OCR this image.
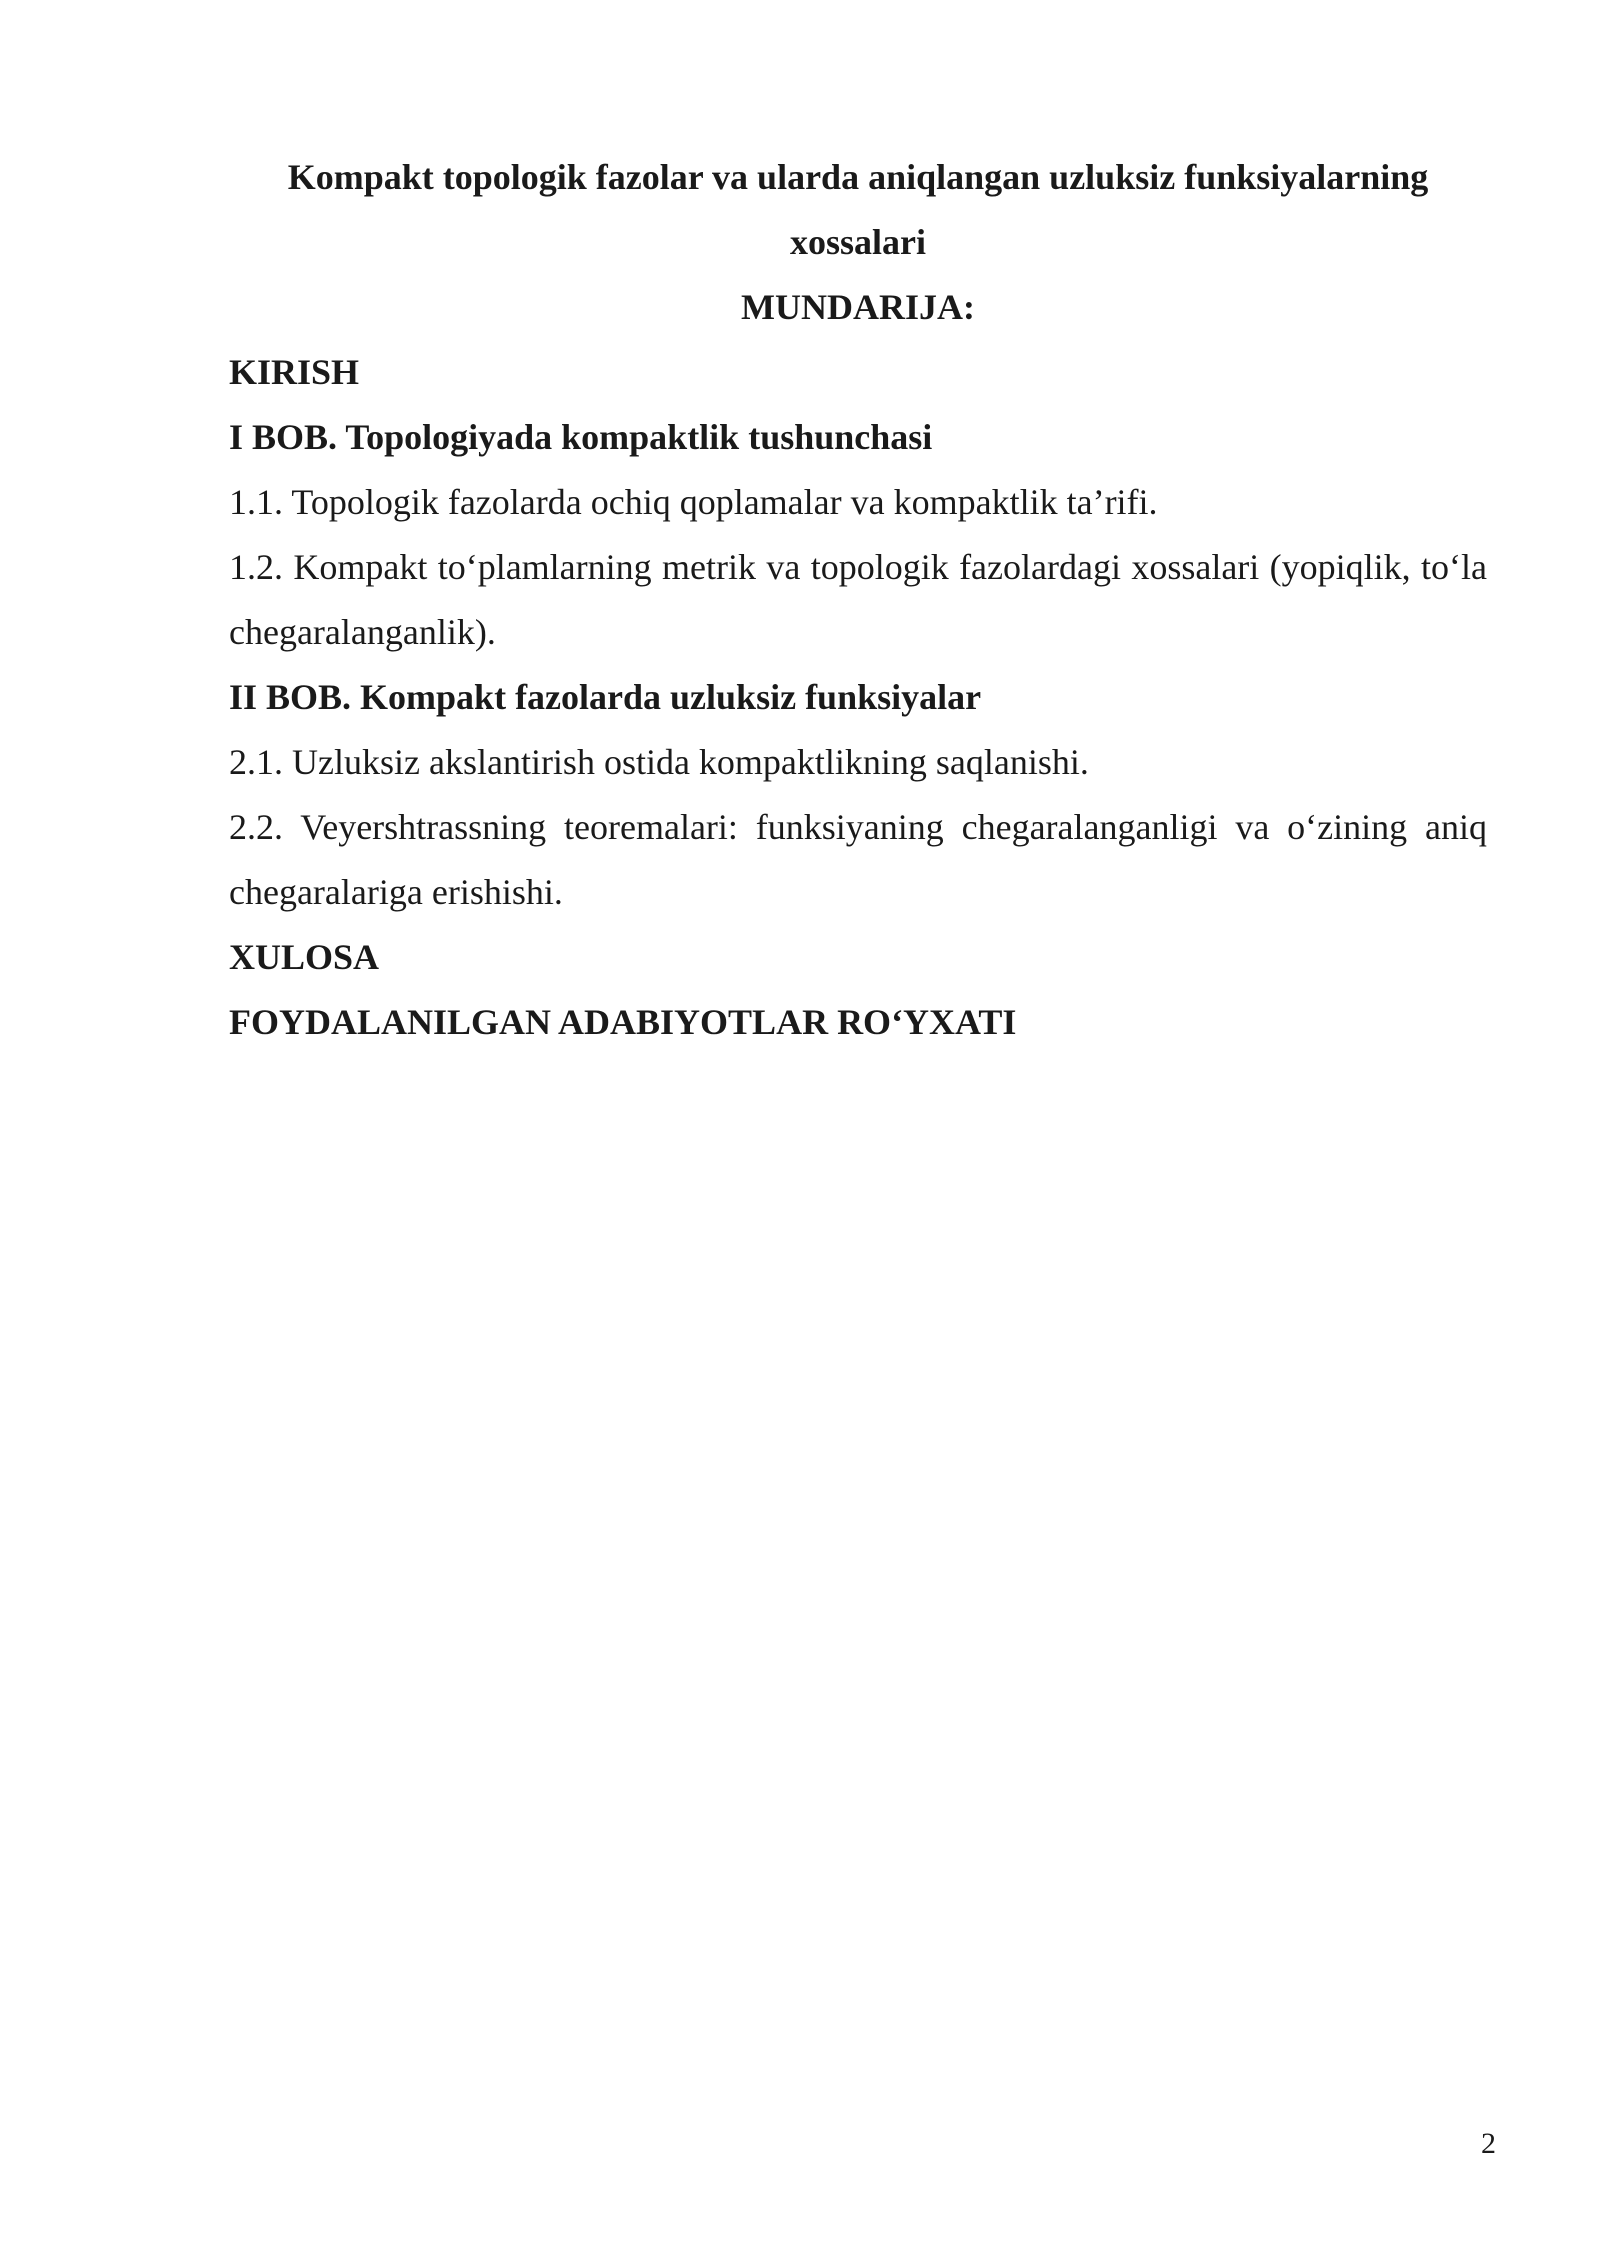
Kompakt topologik fazolar va ularda aniqlangan uzluksiz funksiyalarning xossalari

MUNDARIJA:

KIRISH

I BOB. Topologiyada kompaktlik tushunchasi

1.1. Topologik fazolarda ochiq qoplamalar va kompaktlik ta’rifi.

1.2. Kompakt to‘plamlarning metrik va topologik fazolardagi xossalari (yopiqlik, to‘la chegaralanganlik).

II BOB. Kompakt fazolarda uzluksiz funksiyalar

2.1. Uzluksiz akslantirish ostida kompaktlikning saqlanishi.

2.2. Veyershtrassning teoremalari: funksiyaning chegaralanganligi va o‘zining aniq chegaralariga erishishi.

XULOSA

FOYDALANILGAN ADABIYOTLAR RO‘YXATI

2
